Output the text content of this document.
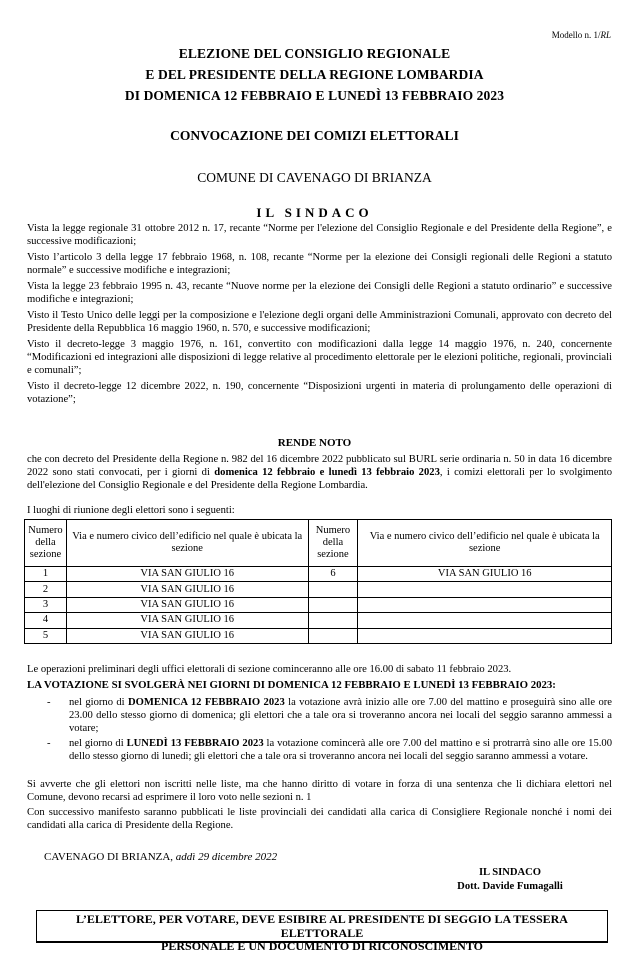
Modello n. 1/RL
ELEZIONE DEL CONSIGLIO REGIONALE
E DEL PRESIDENTE DELLA REGIONE LOMBARDIA
DI DOMENICA 12 FEBBRAIO E LUNEDÌ 13 FEBBRAIO 2023
CONVOCAZIONE DEI COMIZI ELETTORALI
COMUNE DI CAVENAGO DI BRIANZA
IL SINDACO

Vista la legge regionale 31 ottobre 2012 n. 17, recante “Norme per l'elezione del Consiglio Regionale e del Presidente della Regione”, e successive modificazioni;

Visto l’articolo 3 della legge 17 febbraio 1968, n. 108, recante “Norme per la elezione dei Consigli regionali delle Regioni a statuto normale” e successive modifiche e integrazioni;

Vista la legge 23 febbraio 1995 n. 43, recante “Nuove norme per la elezione dei Consigli delle Regioni a statuto ordinario” e successive modifiche e integrazioni;

Visto il Testo Unico delle leggi per la composizione e l'elezione degli organi delle Amministrazioni Comunali, approvato con decreto del Presidente della Repubblica 16 maggio 1960, n. 570, e successive modificazioni;

Visto il decreto-legge 3 maggio 1976, n. 161, convertito con modificazioni dalla legge 14 maggio 1976, n. 240, concernente “Modificazioni ed integrazioni alle disposizioni di legge relative al procedimento elettorale per le elezioni politiche, regionali, provinciali e comunali”;

Visto il decreto-legge 12 dicembre 2022, n. 190, concernente “Disposizioni urgenti in materia di prolungamento delle operazioni di votazione”;

RENDE NOTO
che con decreto del Presidente della Regione n. 982 del 16 dicembre 2022 pubblicato sul BURL serie ordinaria n. 50 in data 16 dicembre 2022 sono stati convocati, per i giorni di domenica 12 febbraio e lunedì 13 febbraio 2023, i comizi elettorali per lo svolgimento dell'elezione del Consiglio Regionale e del Presidente della Regione Lombardia.
I luoghi di riunione degli elettori sono i seguenti:
Numero della sezione	Via e numero civico dell’edificio nel quale è ubicata la sezione	Numero della sezione	Via e numero civico dell’edificio nel quale è ubicata la sezione
1	VIA SAN GIULIO 16	6	VIA SAN GIULIO 16
2	VIA SAN GIULIO 16		
3	VIA SAN GIULIO 16		
4	VIA SAN GIULIO 16		
5	VIA SAN GIULIO 16		
Le operazioni preliminari degli uffici elettorali di sezione cominceranno alle ore 16.00 di sabato 11 febbraio 2023.
LA VOTAZIONE SI SVOLGERÀ NEI GIORNI DI DOMENICA 12 FEBBRAIO E LUNEDÌ 13 FEBBRAIO 2023:
- nel giorno di DOMENICA 12 FEBBRAIO 2023 la votazione avrà inizio alle ore 7.00 del mattino e proseguirà sino alle ore 23.00 dello stesso giorno di domenica; gli elettori che a tale ora si troveranno ancora nei locali del seggio saranno ammessi a votare;
- nel giorno di LUNEDÌ 13 FEBBRAIO 2023 la votazione comincerà alle ore 7.00 del mattino e si protrarrà sino alle ore 15.00 dello stesso giorno di lunedì; gli elettori che a tale ora si troveranno ancora nei locali del seggio saranno ammessi a votare.
Si avverte che gli elettori non iscritti nelle liste, ma che hanno diritto di votare in forza di una sentenza che li dichiara elettori nel Comune, devono recarsi ad esprimere il loro voto nelle sezioni n. 1
Con successivo manifesto saranno pubblicati le liste provinciali dei candidati alla carica di Consigliere Regionale nonché i nomi dei candidati alla carica di Presidente della Regione.
CAVENAGO DI BRIANZA, addì 29 dicembre 2022
IL SINDACO
Dott. Davide Fumagalli
L’ELETTORE, PER VOTARE, DEVE ESIBIRE AL PRESIDENTE DI SEGGIO LA TESSERA ELETTORALE
PERSONALE E UN DOCUMENTO DI RICONOSCIMENTO
